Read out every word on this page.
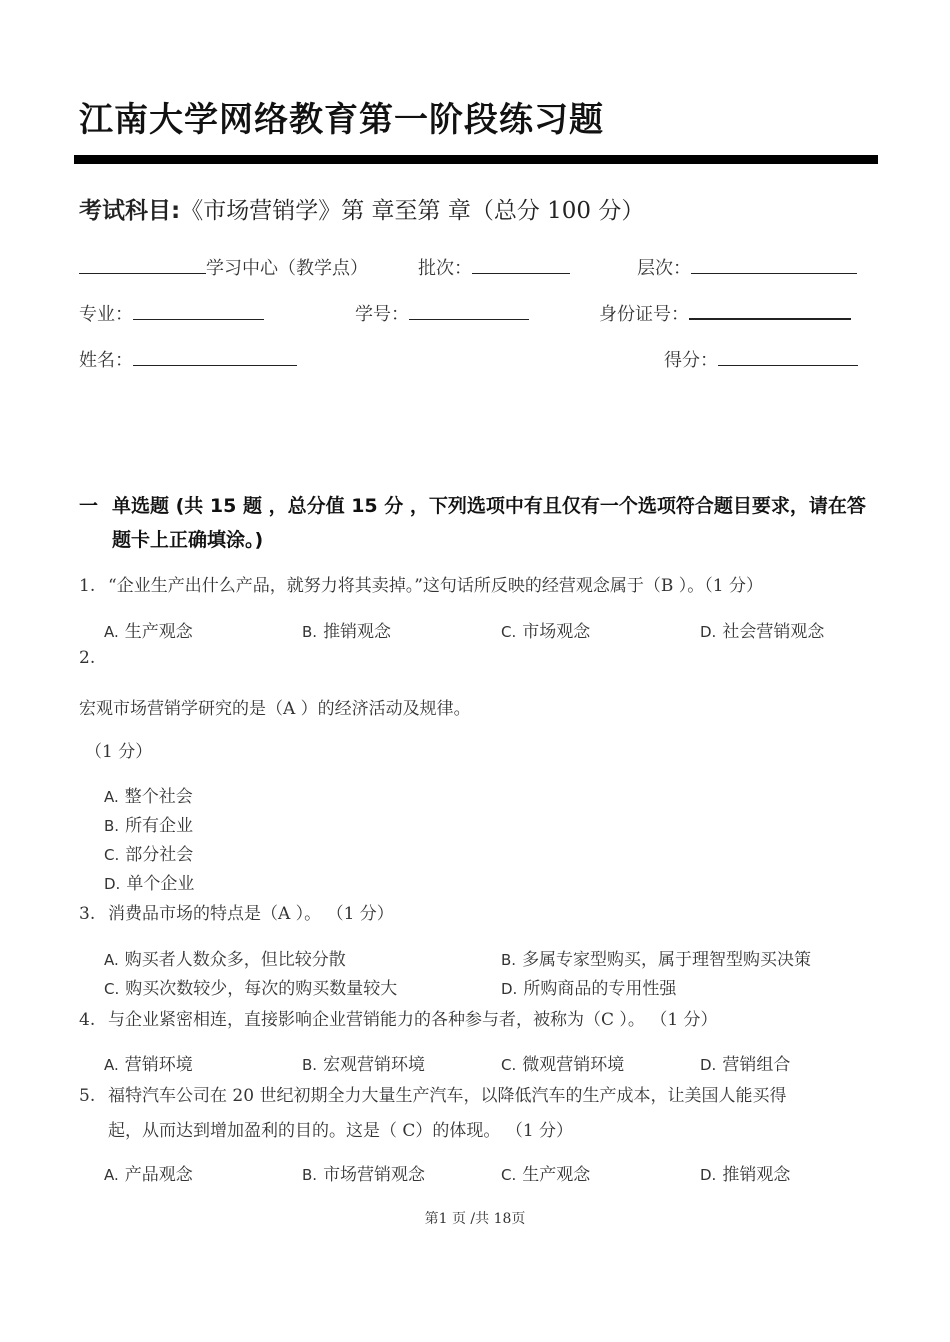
江南大学网络教育第一阶段练习题
考试科目:《市场营销学》第 章至第 章（总分 100 分）
学习中心（教学点）	批次：	层次：
专业：	学号：	身份证号：
姓名：	得分：
一 单选题 (共 15 题 ，总分值 15 分 ，下列选项中有且仅有一个选项符合题目要求，请在答题卡上正确填涂。)
1. “企业生产出什么产品，就努力将其卖掉。”这句话所反映的经营观念属于（B ）。（1 分）
A. 生产观念	B. 推销观念	C. 市场观念	D. 社会营销观念
2.
宏观市场营销学研究的是（A ）的经济活动及规律。
（1 分）
A. 整个社会
B. 所有企业
C. 部分社会
D. 单个企业
3. 消费品市场的特点是（A ）。 （1 分）
A. 购买者人数众多，但比较分散	B. 多属专家型购买，属于理智型购买决策
C. 购买次数较少，每次的购买数量较大	D. 所购商品的专用性强
4. 与企业紧密相连，直接影响企业营销能力的各种参与者，被称为（C ）。 （1 分）
A. 营销环境	B. 宏观营销环境	C. 微观营销环境	D. 营销组合
5. 福特汽车公司在 20 世纪初期全力大量生产汽车，以降低汽车的生产成本，让美国人能买得
起，从而达到增加盈利的目的。这是（ C）的体现。 （1 分）
A. 产品观念	B. 市场营销观念	C. 生产观念	D. 推销观念
第1 页 /共 18页
